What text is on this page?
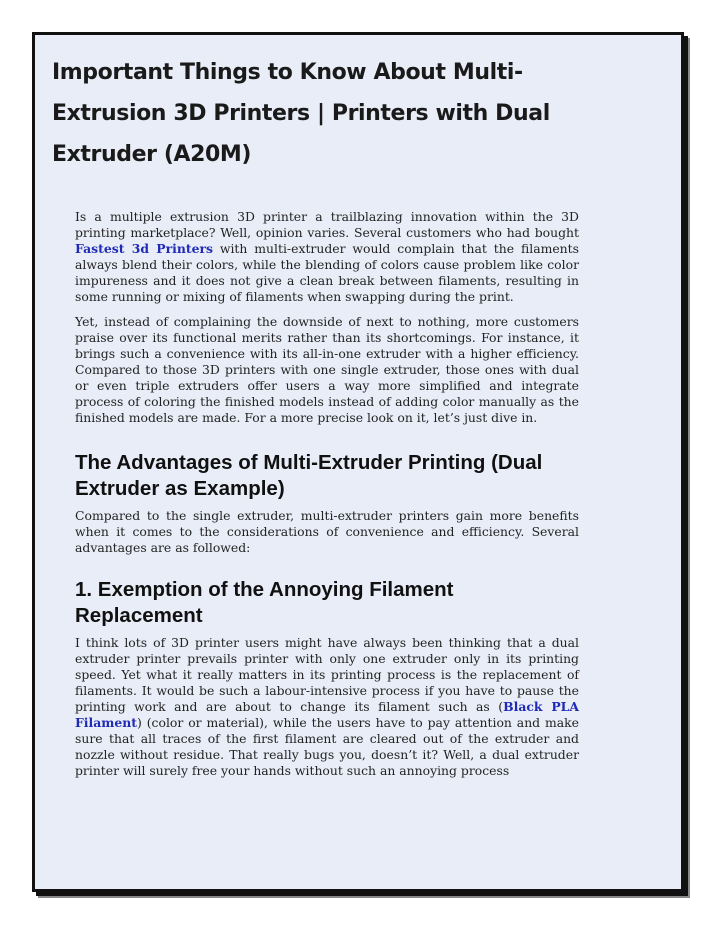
Important Things to Know About Multi-Extrusion 3D Printers | Printers with Dual Extruder (A20M)

Is a multiple extrusion 3D printer a trailblazing innovation within the 3D printing marketplace? Well, opinion varies. Several customers who had bought Fastest 3d Printers with multi-extruder would complain that the filaments always blend their colors, while the blending of colors cause problem like color impureness and it does not give a clean break between filaments, resulting in some running or mixing of filaments when swapping during the print.

Yet, instead of complaining the downside of next to nothing, more customers praise over its functional merits rather than its shortcomings. For instance, it brings such a convenience with its all-in-one extruder with a higher efficiency. Compared to those 3D printers with one single extruder, those ones with dual or even triple extruders offer users a way more simplified and integrate process of coloring the finished models instead of adding color manually as the finished models are made. For a more precise look on it, let’s just dive in.

The Advantages of Multi-Extruder Printing (Dual Extruder as Example)

Compared to the single extruder, multi-extruder printers gain more benefits when it comes to the considerations of convenience and efficiency. Several advantages are as followed:

1. Exemption of the Annoying Filament Replacement

I think lots of 3D printer users might have always been thinking that a dual extruder printer prevails printer with only one extruder only in its printing speed. Yet what it really matters in its printing process is the replacement of filaments. It would be such a labour-intensive process if you have to pause the printing work and are about to change its filament such as (Black PLA Filament) (color or material), while the users have to pay attention and make sure that all traces of the first filament are cleared out of the extruder and nozzle without residue. That really bugs you, doesn’t it? Well, a dual extruder printer will surely free your hands without such an annoying process
